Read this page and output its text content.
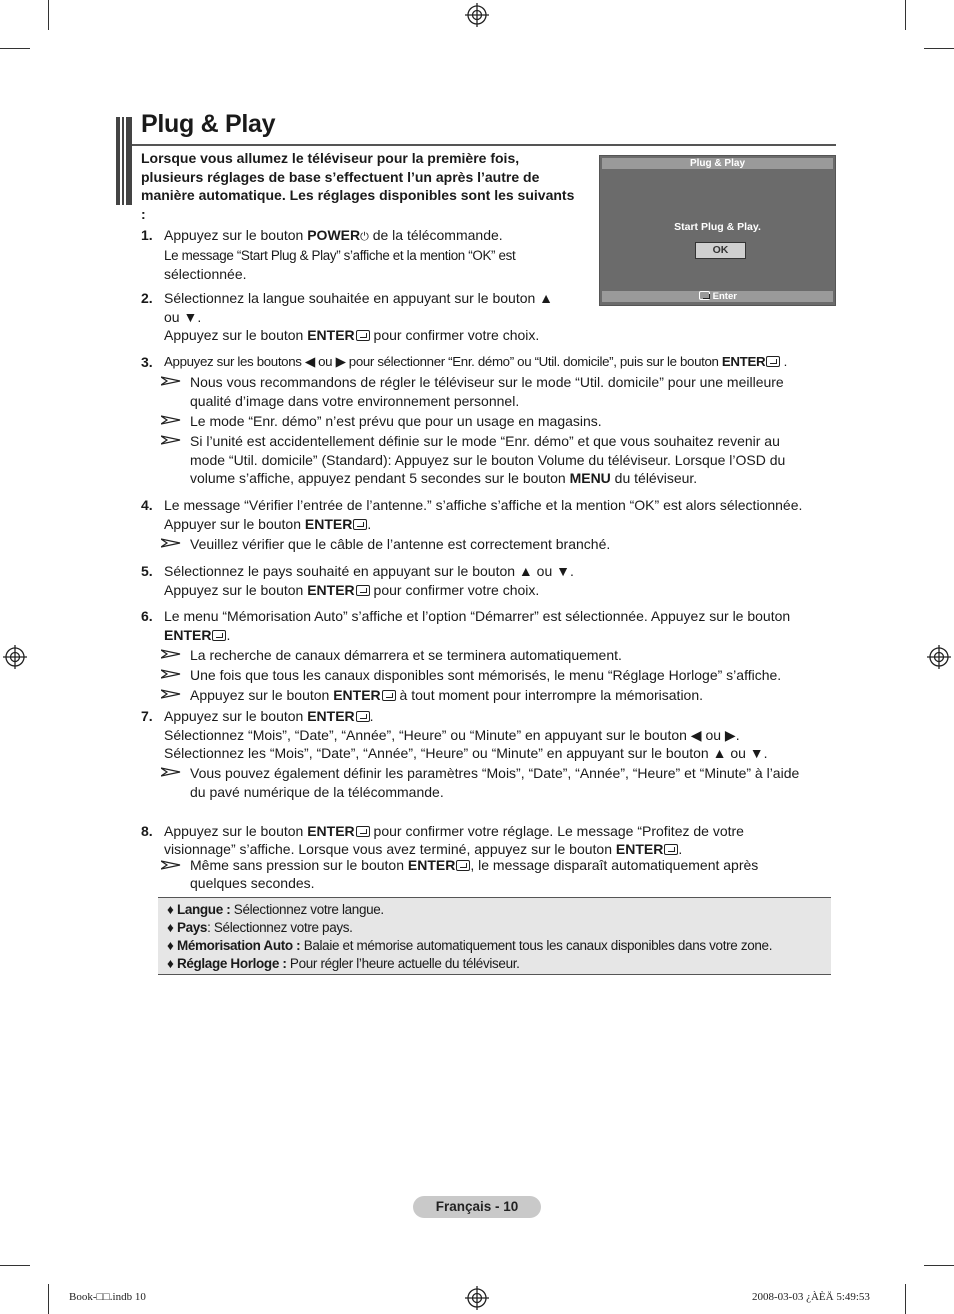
Plug & Play
Lorsque vous allumez le téléviseur pour la première fois, plusieurs réglages de base s’effectuent l’un après l’autre de manière automatique. Les réglages disponibles sont les suivants :
Plug & Play
Start Plug & Play.
OK
Enter
1. Appuyez sur le bouton POWER⏻ de la télécommande.
Le message “Start Plug & Play” s’affiche et la mention “OK” est
sélectionnée.
2. Sélectionnez la langue souhaitée en appuyant sur le bouton ▲
ou ▼.
Appuyez sur le bouton ENTER pour confirmer votre choix.
3. Appuyez sur les boutons ◀ ou ▶ pour sélectionner “Enr. démo” ou “Util. domicile”, puis sur le bouton ENTER .
Nous vous recommandons de régler le téléviseur sur le mode “Util. domicile” pour une meilleure
qualité d’image dans votre environnement personnel.
Le mode “Enr. démo” n’est prévu que pour un usage en magasins.
Si l’unité est accidentellement définie sur le mode “Enr. démo” et que vous souhaitez revenir au
mode “Util. domicile” (Standard): Appuyez sur le bouton Volume du téléviseur. Lorsque l’OSD du
volume s’affiche, appuyez pendant 5 secondes sur le bouton MENU du téléviseur.
4. Le message “Vérifier l’entrée de l’antenne.” s’affiche s’affiche et la mention “OK” est alors sélectionnée.
Appuyer sur le bouton ENTER .
Veuillez vérifier que le câble de l’antenne est correctement branché.
5. Sélectionnez le pays souhaité en appuyant sur le bouton ▲ ou ▼.
Appuyez sur le bouton ENTER pour confirmer votre choix.
6. Le menu “Mémorisation Auto” s’affiche et l’option “Démarrer” est sélectionnée. Appuyez sur le bouton
ENTER .
La recherche de canaux démarrera et se terminera automatiquement.
Une fois que tous les canaux disponibles sont mémorisés, le menu “Réglage Horloge” s’affiche.
Appuyez sur le bouton ENTER à tout moment pour interrompre la mémorisation.
7. Appuyez sur le bouton ENTER .
Sélectionnez “Mois”, “Date”, “Année”, “Heure” ou “Minute” en appuyant sur le bouton ◀ ou ▶.
Sélectionnez les “Mois”, “Date”, “Année”, “Heure” ou “Minute” en appuyant sur le bouton ▲ ou ▼.
Vous pouvez également définir les paramètres “Mois”, “Date”, “Année”, “Heure” et “Minute” à l’aide
du pavé numérique de la télécommande.
8. Appuyez sur le bouton ENTER pour confirmer votre réglage. Le message “Profitez de votre
visionnage” s’affiche. Lorsque vous avez terminé, appuyez sur le bouton ENTER .
Même sans pression sur le bouton ENTER , le message disparaît automatiquement après
quelques secondes.
♦ Langue : Sélectionnez votre langue.
♦ Pays: Sélectionnez votre pays.
♦ Mémorisation Auto : Balaie et mémorise automatiquement tous les canaux disponibles dans votre zone.
♦ Réglage Horloge : Pour régler l’heure actuelle du téléviseur.
Français - 10
Book-□□.indb 10	2008-03-03 ¿ÀÈÄ 5:49:53
